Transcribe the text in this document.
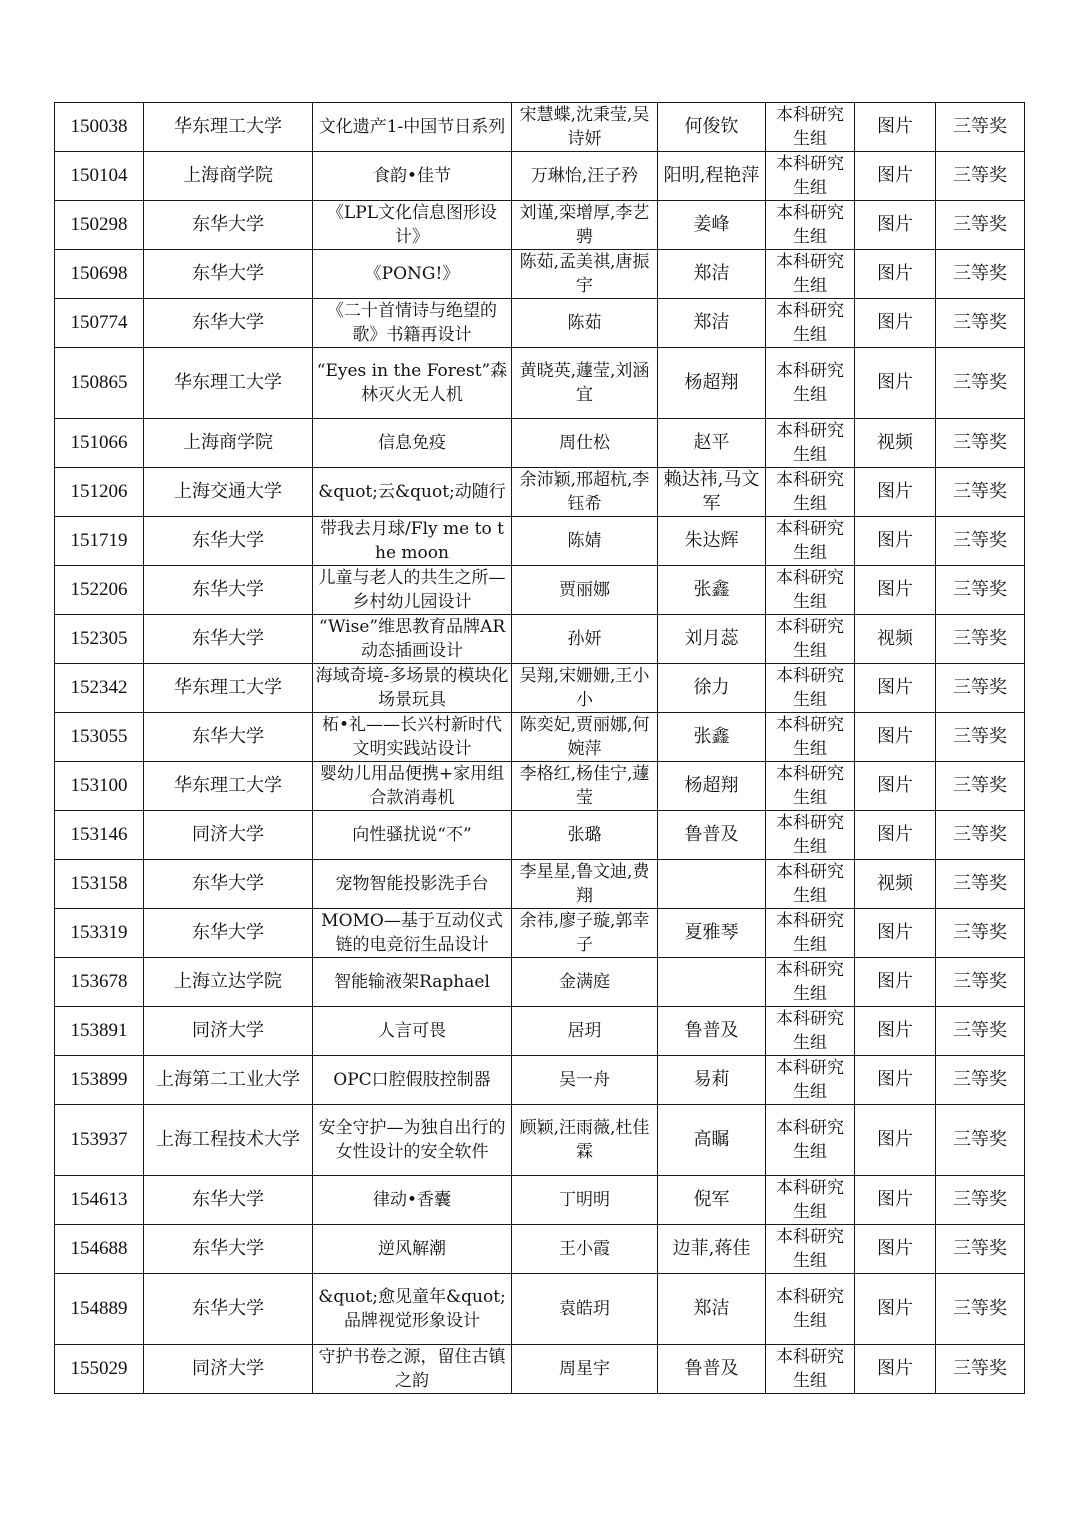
150038	华东理工大学	文化遗产1-中国节日系列	宋慧蝶,沈秉莹,吴诗妍	何俊钦	本科研究生组	图片	三等奖
150104	上海商学院	食韵•佳节	万琳怡,汪子矜	阳明,程艳萍	本科研究生组	图片	三等奖
150298	东华大学	《LPL文化信息图形设计》	刘谨,栾增厚,李艺骋	姜峰	本科研究生组	图片	三等奖
150698	东华大学	《PONG!》	陈茹,孟美祺,唐振宇	郑洁	本科研究生组	图片	三等奖
150774	东华大学	《二十首情诗与绝望的歌》书籍再设计	陈茹	郑洁	本科研究生组	图片	三等奖
150865	华东理工大学	“Eyes in the Forest”森林灭火无人机	黄晓英,蘧莹,刘涵宜	杨超翔	本科研究生组	图片	三等奖
151066	上海商学院	信息免疫	周仕松	赵平	本科研究生组	视频	三等奖
151206	上海交通大学	&quot;云&quot;动随行	余沛颖,邢超杭,李钰希	赖达祎,马文军	本科研究生组	图片	三等奖
151719	东华大学	带我去月球/Fly me to the moon	陈婧	朱达辉	本科研究生组	图片	三等奖
152206	东华大学	儿童与老人的共生之所—乡村幼儿园设计	贾丽娜	张鑫	本科研究生组	图片	三等奖
152305	东华大学	“Wise”维思教育品牌AR动态插画设计	孙妍	刘月蕊	本科研究生组	视频	三等奖
152342	华东理工大学	海域奇境-多场景的模块化场景玩具	吴翔,宋姗姗,王小小	徐力	本科研究生组	图片	三等奖
153055	东华大学	柘•礼——长兴村新时代文明实践站设计	陈奕妃,贾丽娜,何婉萍	张鑫	本科研究生组	图片	三等奖
153100	华东理工大学	婴幼儿用品便携+家用组合款消毒机	李格红,杨佳宁,蘧莹	杨超翔	本科研究生组	图片	三等奖
153146	同济大学	向性骚扰说“不”	张璐	鲁普及	本科研究生组	图片	三等奖
153158	东华大学	宠物智能投影洗手台	李星星,鲁文迪,费翔		本科研究生组	视频	三等奖
153319	东华大学	MOMO—基于互动仪式链的电竞衍生品设计	余祎,廖子璇,郭幸子	夏雅琴	本科研究生组	图片	三等奖
153678	上海立达学院	智能输液架Raphael	金满庭		本科研究生组	图片	三等奖
153891	同济大学	人言可畏	居玥	鲁普及	本科研究生组	图片	三等奖
153899	上海第二工业大学	OPC口腔假肢控制器	吴一舟	易莉	本科研究生组	图片	三等奖
153937	上海工程技术大学	安全守护—为独自出行的女性设计的安全软件	顾颖,汪雨薇,杜佳霖	高瞩	本科研究生组	图片	三等奖
154613	东华大学	律动•香囊	丁明明	倪军	本科研究生组	图片	三等奖
154688	东华大学	逆风解潮	王小霞	边菲,蒋佳	本科研究生组	图片	三等奖
154889	东华大学	&quot;愈见童年&quot;品牌视觉形象设计	袁皓玥	郑洁	本科研究生组	图片	三等奖
155029	同济大学	守护书卷之源，留住古镇之韵	周星宇	鲁普及	本科研究生组	图片	三等奖
